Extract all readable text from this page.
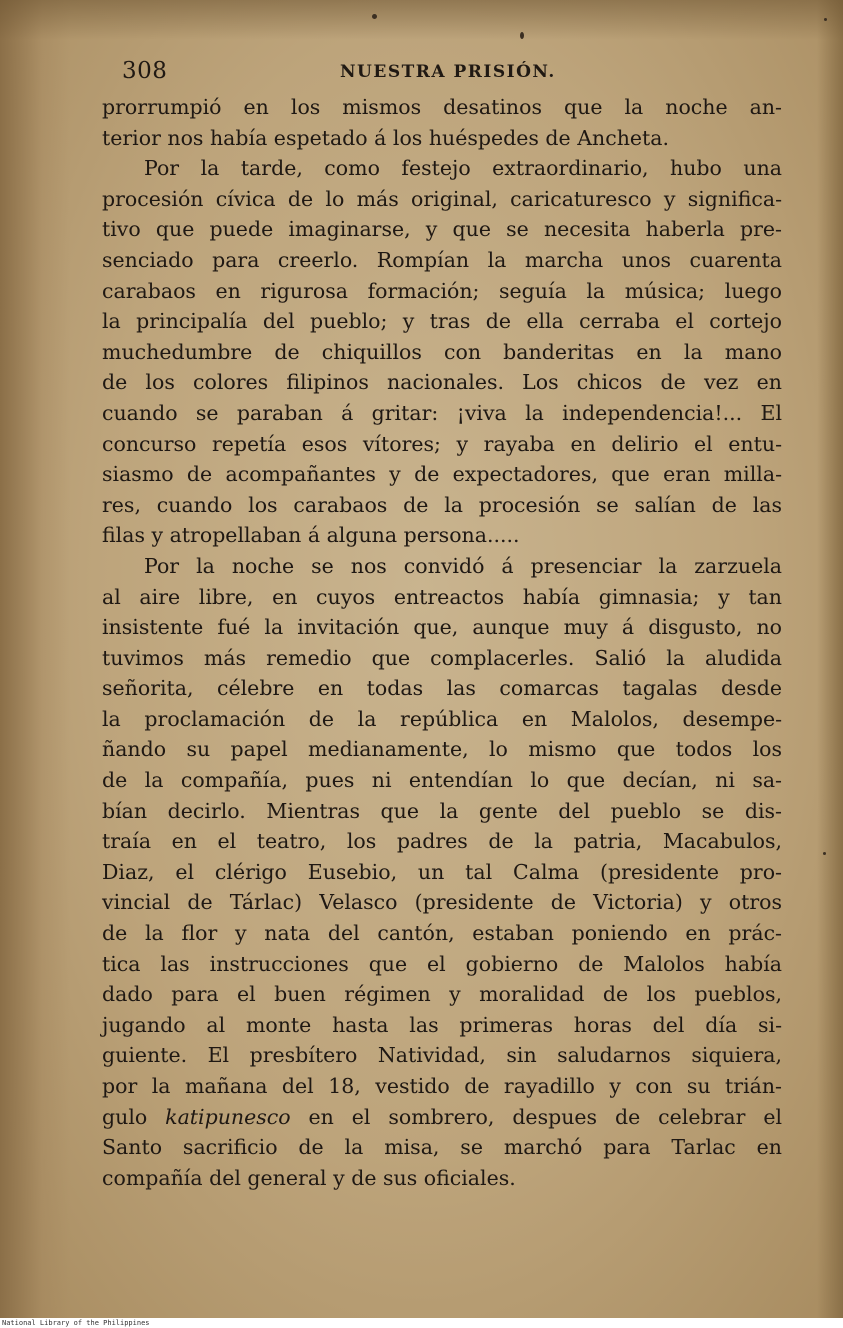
308	NUESTRA PRISIÓN.
prorrumpió en los mismos desatinos que la noche an-
terior nos había espetado á los huéspedes de Ancheta.
Por la tarde, como festejo extraordinario, hubo una
procesión cívica de lo más original, caricaturesco y significa-
tivo que puede imaginarse, y que se necesita haberla pre-
senciado para creerlo. Rompían la marcha unos cuarenta
carabaos en rigurosa formación; seguía la música; luego
la principalía del pueblo; y tras de ella cerraba el cortejo
muchedumbre de chiquillos con banderitas en la mano
de los colores filipinos nacionales. Los chicos de vez en
cuando se paraban á gritar: ¡viva la independencia!... El
concurso repetía esos vítores; y rayaba en delirio el entu-
siasmo de acompañantes y de expectadores, que eran milla-
res, cuando los carabaos de la procesión se salían de las
filas y atropellaban á alguna persona.....
Por la noche se nos convidó á presenciar la zarzuela
al aire libre, en cuyos entreactos había gimnasia; y tan
insistente fué la invitación que, aunque muy á disgusto, no
tuvimos más remedio que complacerles. Salió la aludida
señorita, célebre en todas las comarcas tagalas desde
la proclamación de la república en Malolos, desempe-
ñando su papel medianamente, lo mismo que todos los
de la compañía, pues ni entendían lo que decían, ni sa-
bían decirlo. Mientras que la gente del pueblo se dis-
traía en el teatro, los padres de la patria, Macabulos,
Diaz, el clérigo Eusebio, un tal Calma (presidente pro-
vincial de Tárlac) Velasco (presidente de Victoria) y otros
de la flor y nata del cantón, estaban poniendo en prác-
tica las instrucciones que el gobierno de Malolos había
dado para el buen régimen y moralidad de los pueblos,
jugando al monte hasta las primeras horas del día si-
guiente. El presbítero Natividad, sin saludarnos siquiera,
por la mañana del 18, vestido de rayadillo y con su trián-
gulo katipunesco en el sombrero, despues de celebrar el
Santo sacrificio de la misa, se marchó para Tarlac en
compañía del general y de sus oficiales.
National Library of the Philippines
